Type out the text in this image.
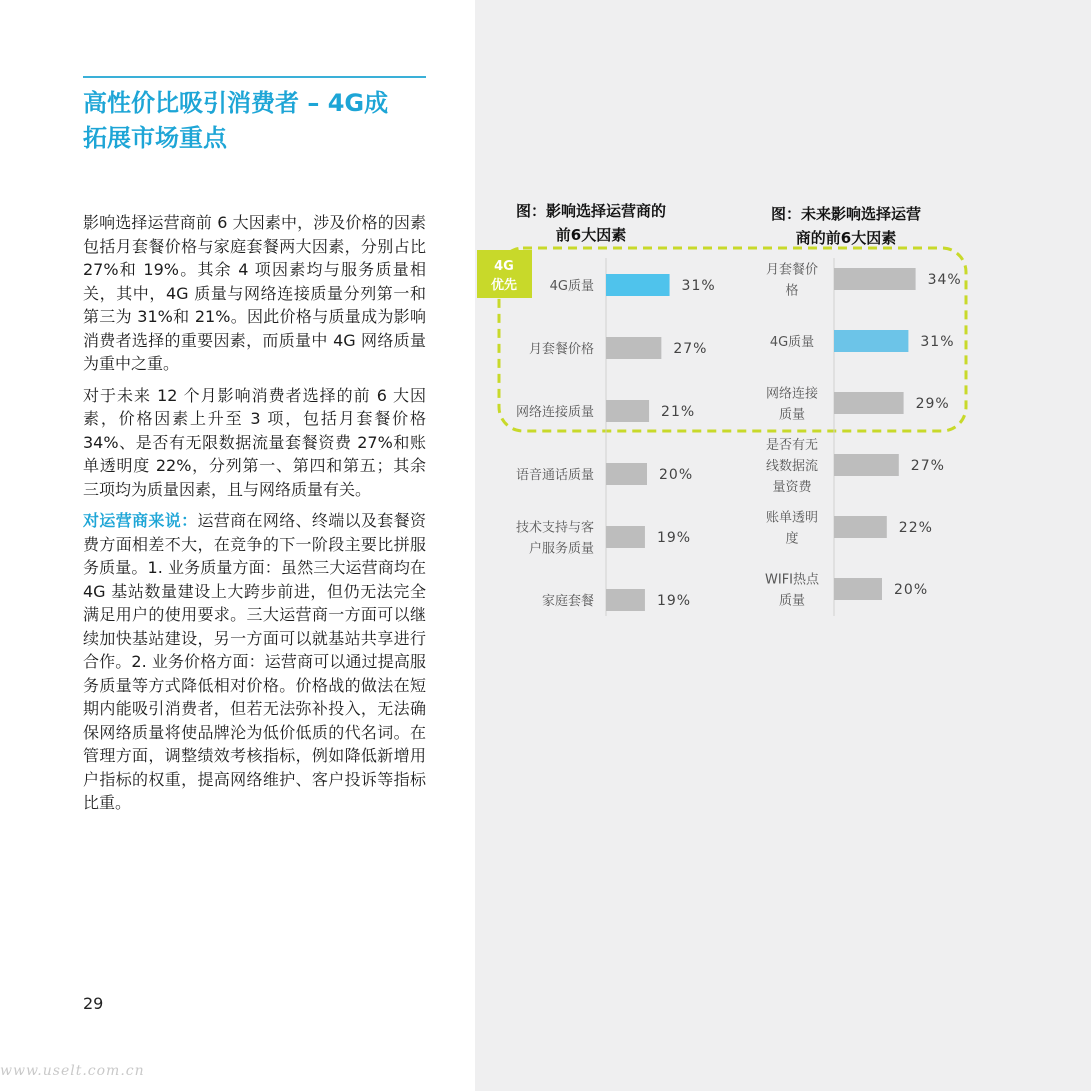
高性价比吸引消费者 – 4G成
拓展市场重点

影响选择运营商前 6 大因素中，涉及价格的因素包括月套餐价格与家庭套餐两大因素，分别占比 27%和 19%。其余 4 项因素均与服务质量相关，其中，4G 质量与网络连接质量分列第一和第三为 31%和 21%。因此价格与质量成为影响消费者选择的重要因素，而质量中 4G 网络质量为重中之重。

对于未来 12 个月影响消费者选择的前 6 大因素，价格因素上升至 3 项，包括月套餐价格 34%、是否有无限数据流量套餐资费 27%和账单透明度 22%，分列第一、第四和第五；其余三项均为质量因素，且与网络质量有关。

对运营商来说：运营商在网络、终端以及套餐资费方面相差不大，在竞争的下一阶段主要比拼服务质量。1. 业务质量方面：虽然三大运营商均在 4G 基站数量建设上大跨步前进，但仍无法完全满足用户的使用要求。三大运营商一方面可以继续加快基站建设，另一方面可以就基站共享进行合作。2. 业务价格方面：运营商可以通过提高服务质量等方式降低相对价格。价格战的做法在短期内能吸引消费者，但若无法弥补投入，无法确保网络质量将使品牌沦为低价低质的代名词。在管理方面，调整绩效考核指标，例如降低新增用户指标的权重，提高网络维护、客户投诉等指标比重。

29
www.uselt.com.cn
4G
优先
图：影响选择运营商的
前6大因素
31%
4G质量
27%
月套餐价格
21%
网络连接质量
20%
语音通话质量
19%
技术支持与客
户服务质量
19%
家庭套餐
图：未来影响选择运营
商的前6大因素
34%
月套餐价
格
31%
4G质量
29%
网络连接
质量
27%
是否有无
线数据流
量资费
22%
账单透明
度
20%
WIFI热点
质量
